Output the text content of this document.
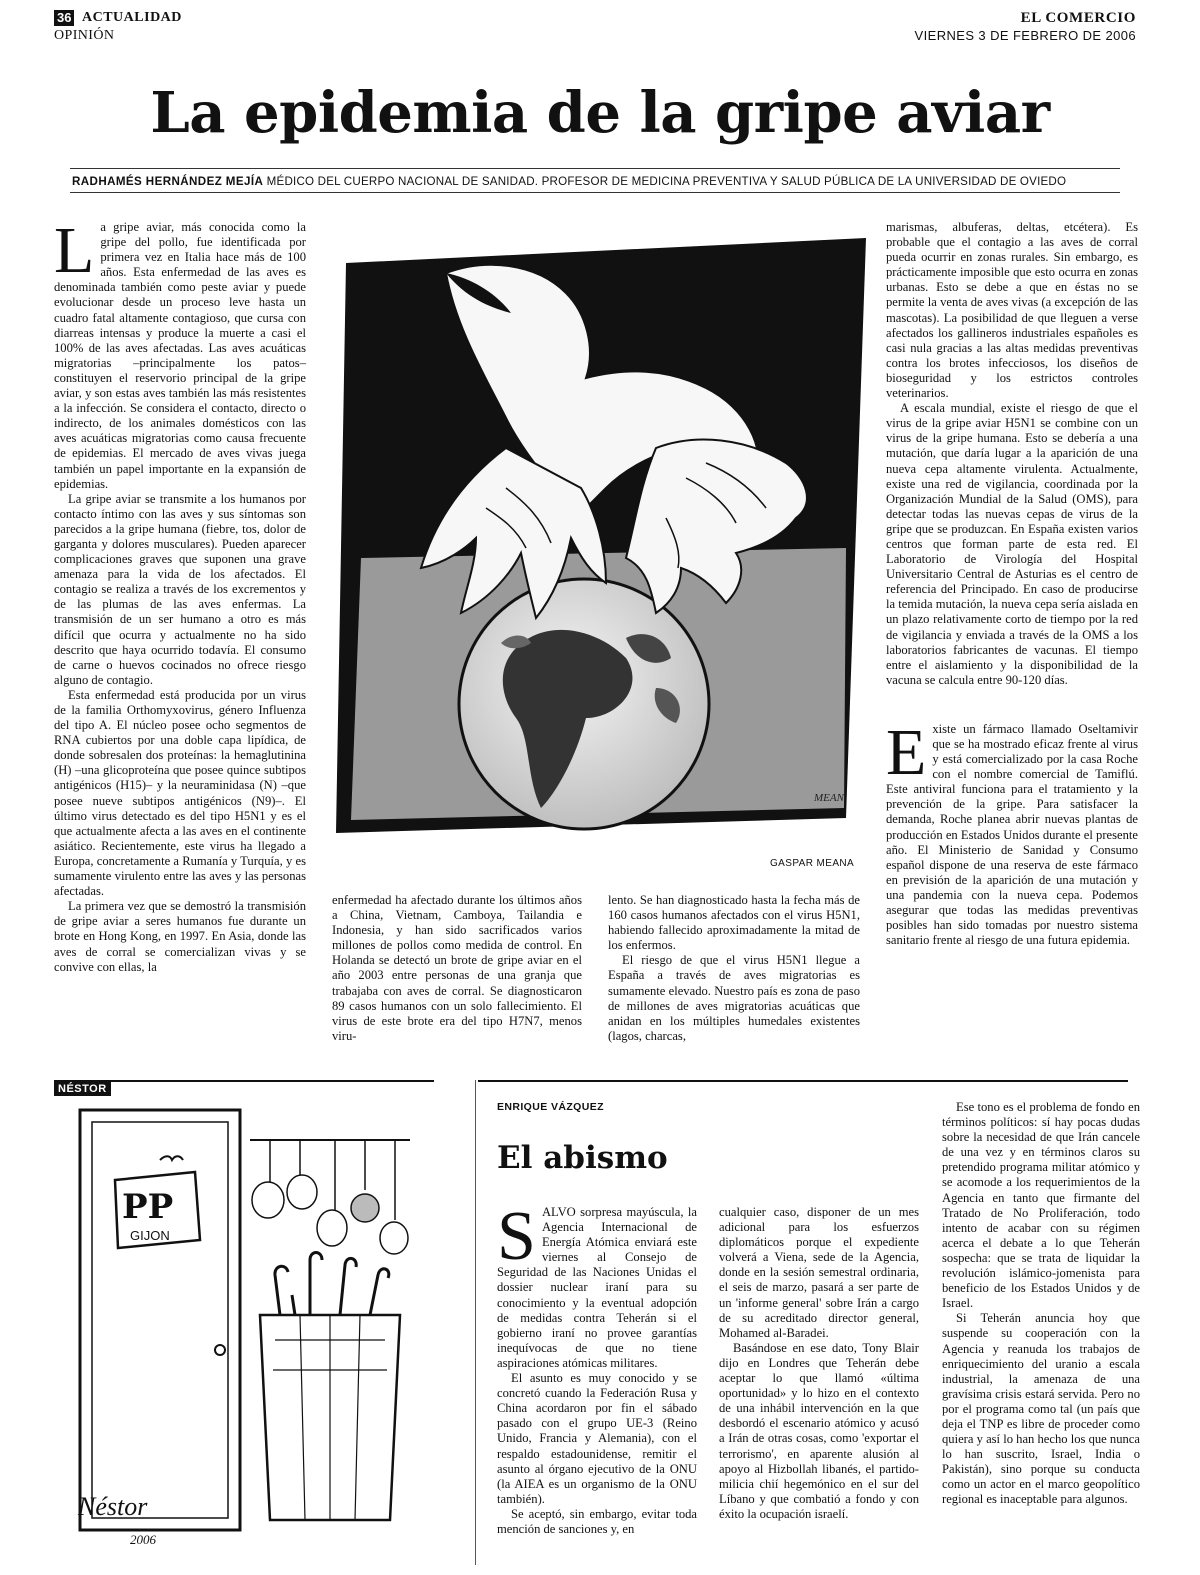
36 ACTUALIDAD
OPINIÓN
EL COMERCIO
VIERNES 3 DE FEBRERO DE 2006
La epidemia de la gripe aviar
RADHAMÉS HERNÁNDEZ MEJÍA MÉDICO DEL CUERPO NACIONAL DE SANIDAD. PROFESOR DE MEDICINA PREVENTIVA Y SALUD PÚBLICA DE LA UNIVERSIDAD DE OVIEDO

La gripe aviar, más conocida como la gripe del pollo, fue identificada por primera vez en Italia hace más de 100 años. Esta enfermedad de las aves es denominada también como peste aviar y puede evolucionar desde un proceso leve hasta un cuadro fatal altamente contagioso, que cursa con diarreas intensas y produce la muerte a casi el 100% de las aves afectadas. Las aves acuáticas migratorias –principalmente los patos– constituyen el reservorio principal de la gripe aviar, y son estas aves también las más resistentes a la infección. Se considera el contacto, directo o indirecto, de los animales domésticos con las aves acuáticas migratorias como causa frecuente de epidemias. El mercado de aves vivas juega también un papel importante en la expansión de epidemias.

La gripe aviar se transmite a los humanos por contacto íntimo con las aves y sus síntomas son parecidos a la gripe humana (fiebre, tos, dolor de garganta y dolores musculares). Pueden aparecer complicaciones graves que suponen una grave amenaza para la vida de los afectados. El contagio se realiza a través de los excrementos y de las plumas de las aves enfermas. La transmisión de un ser humano a otro es más difícil que ocurra y actualmente no ha sido descrito que haya ocurrido todavía. El consumo de carne o huevos cocinados no ofrece riesgo alguno de contagio.

Esta enfermedad está producida por un virus de la familia Orthomyxovirus, género Influenza del tipo A. El núcleo posee ocho segmentos de RNA cubiertos por una doble capa lipídica, de donde sobresalen dos proteínas: la hemaglutinina (H) –una glicoproteína que posee quince subtipos antigénicos (H15)– y la neuraminidasa (N) –que posee nueve subtipos antigénicos (N9)–. El último virus detectado es del tipo H5N1 y es el que actualmente afecta a las aves en el continente asiático. Recientemente, este virus ha llegado a Europa, concretamente a Rumanía y Turquía, y es sumamente virulento entre las aves y las personas afectadas.

La primera vez que se demostró la transmisión de gripe aviar a seres humanos fue durante un brote en Hong Kong, en 1997. En Asia, donde las aves de corral se comercializan vivas y se convive con ellas, la

MEAN
GASPAR MEANA

enfermedad ha afectado durante los últimos años a China, Vietnam, Camboya, Tailandia e Indonesia, y han sido sacrificados varios millones de pollos como medida de control. En Holanda se detectó un brote de gripe aviar en el año 2003 entre personas de una granja que trabajaba con aves de corral. Se diagnosticaron 89 casos humanos con un solo fallecimiento. El virus de este brote era del tipo H7N7, menos viru-

lento. Se han diagnosticado hasta la fecha más de 160 casos humanos afectados con el virus H5N1, habiendo fallecido aproximadamente la mitad de los enfermos.

El riesgo de que el virus H5N1 llegue a España a través de aves migratorias es sumamente elevado. Nuestro país es zona de paso de millones de aves migratorias acuáticas que anidan en los múltiples humedales existentes (lagos, charcas,

marismas, albuferas, deltas, etcétera). Es probable que el contagio a las aves de corral pueda ocurrir en zonas rurales. Sin embargo, es prácticamente imposible que esto ocurra en zonas urbanas. Esto se debe a que en éstas no se permite la venta de aves vivas (a excepción de las mascotas). La posibilidad de que lleguen a verse afectados los gallineros industriales españoles es casi nula gracias a las altas medidas preventivas contra los brotes infecciosos, los diseños de bioseguridad y los estrictos controles veterinarios.

A escala mundial, existe el riesgo de que el virus de la gripe aviar H5N1 se combine con un virus de la gripe humana. Esto se debería a una mutación, que daría lugar a la aparición de una nueva cepa altamente virulenta. Actualmente, existe una red de vigilancia, coordinada por la Organización Mundial de la Salud (OMS), para detectar todas las nuevas cepas de virus de la gripe que se produzcan. En España existen varios centros que forman parte de esta red. El Laboratorio de Virología del Hospital Universitario Central de Asturias es el centro de referencia del Principado. En caso de producirse la temida mutación, la nueva cepa sería aislada en un plazo relativamente corto de tiempo por la red de vigilancia y enviada a través de la OMS a los laboratorios fabricantes de vacunas. El tiempo entre el aislamiento y la disponibilidad de la vacuna se calcula entre 90-120 días.

Existe un fármaco llamado Oseltamivir que se ha mostrado eficaz frente al virus y está comercializado por la casa Roche con el nombre comercial de Tamiflú. Este antiviral funciona para el tratamiento y la prevención de la gripe. Para satisfacer la demanda, Roche planea abrir nuevas plantas de producción en Estados Unidos durante el presente año. El Ministerio de Sanidad y Consumo español dispone de una reserva de este fármaco en previsión de la aparición de una mutación y una pandemia con la nueva cepa. Podemos asegurar que todas las medidas preventivas posibles han sido tomadas por nuestro sistema sanitario frente al riesgo de una futura epidemia.

NÉSTOR
PP
GIJON
Néstor
2006
ENRIQUE VÁZQUEZ
El abismo

SALVO sorpresa mayúscula, la Agencia Internacional de Energía Atómica enviará este viernes al Consejo de Seguridad de las Naciones Unidas el dossier nuclear iraní para su conocimiento y la eventual adopción de medidas contra Teherán si el gobierno iraní no provee garantías inequívocas de que no tiene aspiraciones atómicas militares.

El asunto es muy conocido y se concretó cuando la Federación Rusa y China acordaron por fin el sábado pasado con el grupo UE-3 (Reino Unido, Francia y Alemania), con el respaldo estadounidense, remitir el asunto al órgano ejecutivo de la ONU (la AIEA es un organismo de la ONU también).

Se aceptó, sin embargo, evitar toda mención de sanciones y, en

cualquier caso, disponer de un mes adicional para los esfuerzos diplomáticos porque el expediente volverá a Viena, sede de la Agencia, donde en la sesión semestral ordinaria, el seis de marzo, pasará a ser parte de un 'informe general' sobre Irán a cargo de su acreditado director general, Mohamed al-Baradei.

Basándose en ese dato, Tony Blair dijo en Londres que Teherán debe aceptar lo que llamó «última oportunidad» y lo hizo en el contexto de una inhábil intervención en la que desbordó el escenario atómico y acusó a Irán de otras cosas, como 'exportar el terrorismo', en aparente alusión al apoyo al Hizbollah libanés, el partido-milicia chií hegemónico en el sur del Líbano y que combatió a fondo y con éxito la ocupación israelí.

Ese tono es el problema de fondo en términos políticos: sí hay pocas dudas sobre la necesidad de que Irán cancele de una vez y en términos claros su pretendido programa militar atómico y se acomode a los requerimientos de la Agencia en tanto que firmante del Tratado de No Proliferación, todo intento de acabar con su régimen acerca el debate a lo que Teherán sospecha: que se trata de liquidar la revolución islámico-jomenista para beneficio de los Estados Unidos y de Israel.

Si Teherán anuncia hoy que suspende su cooperación con la Agencia y reanuda los trabajos de enriquecimiento del uranio a escala industrial, la amenaza de una gravísima crisis estará servida. Pero no por el programa como tal (un país que deja el TNP es libre de proceder como quiera y así lo han hecho los que nunca lo han suscrito, Israel, India o Pakistán), sino porque su conducta como un actor en el marco geopolítico regional es inaceptable para algunos.
